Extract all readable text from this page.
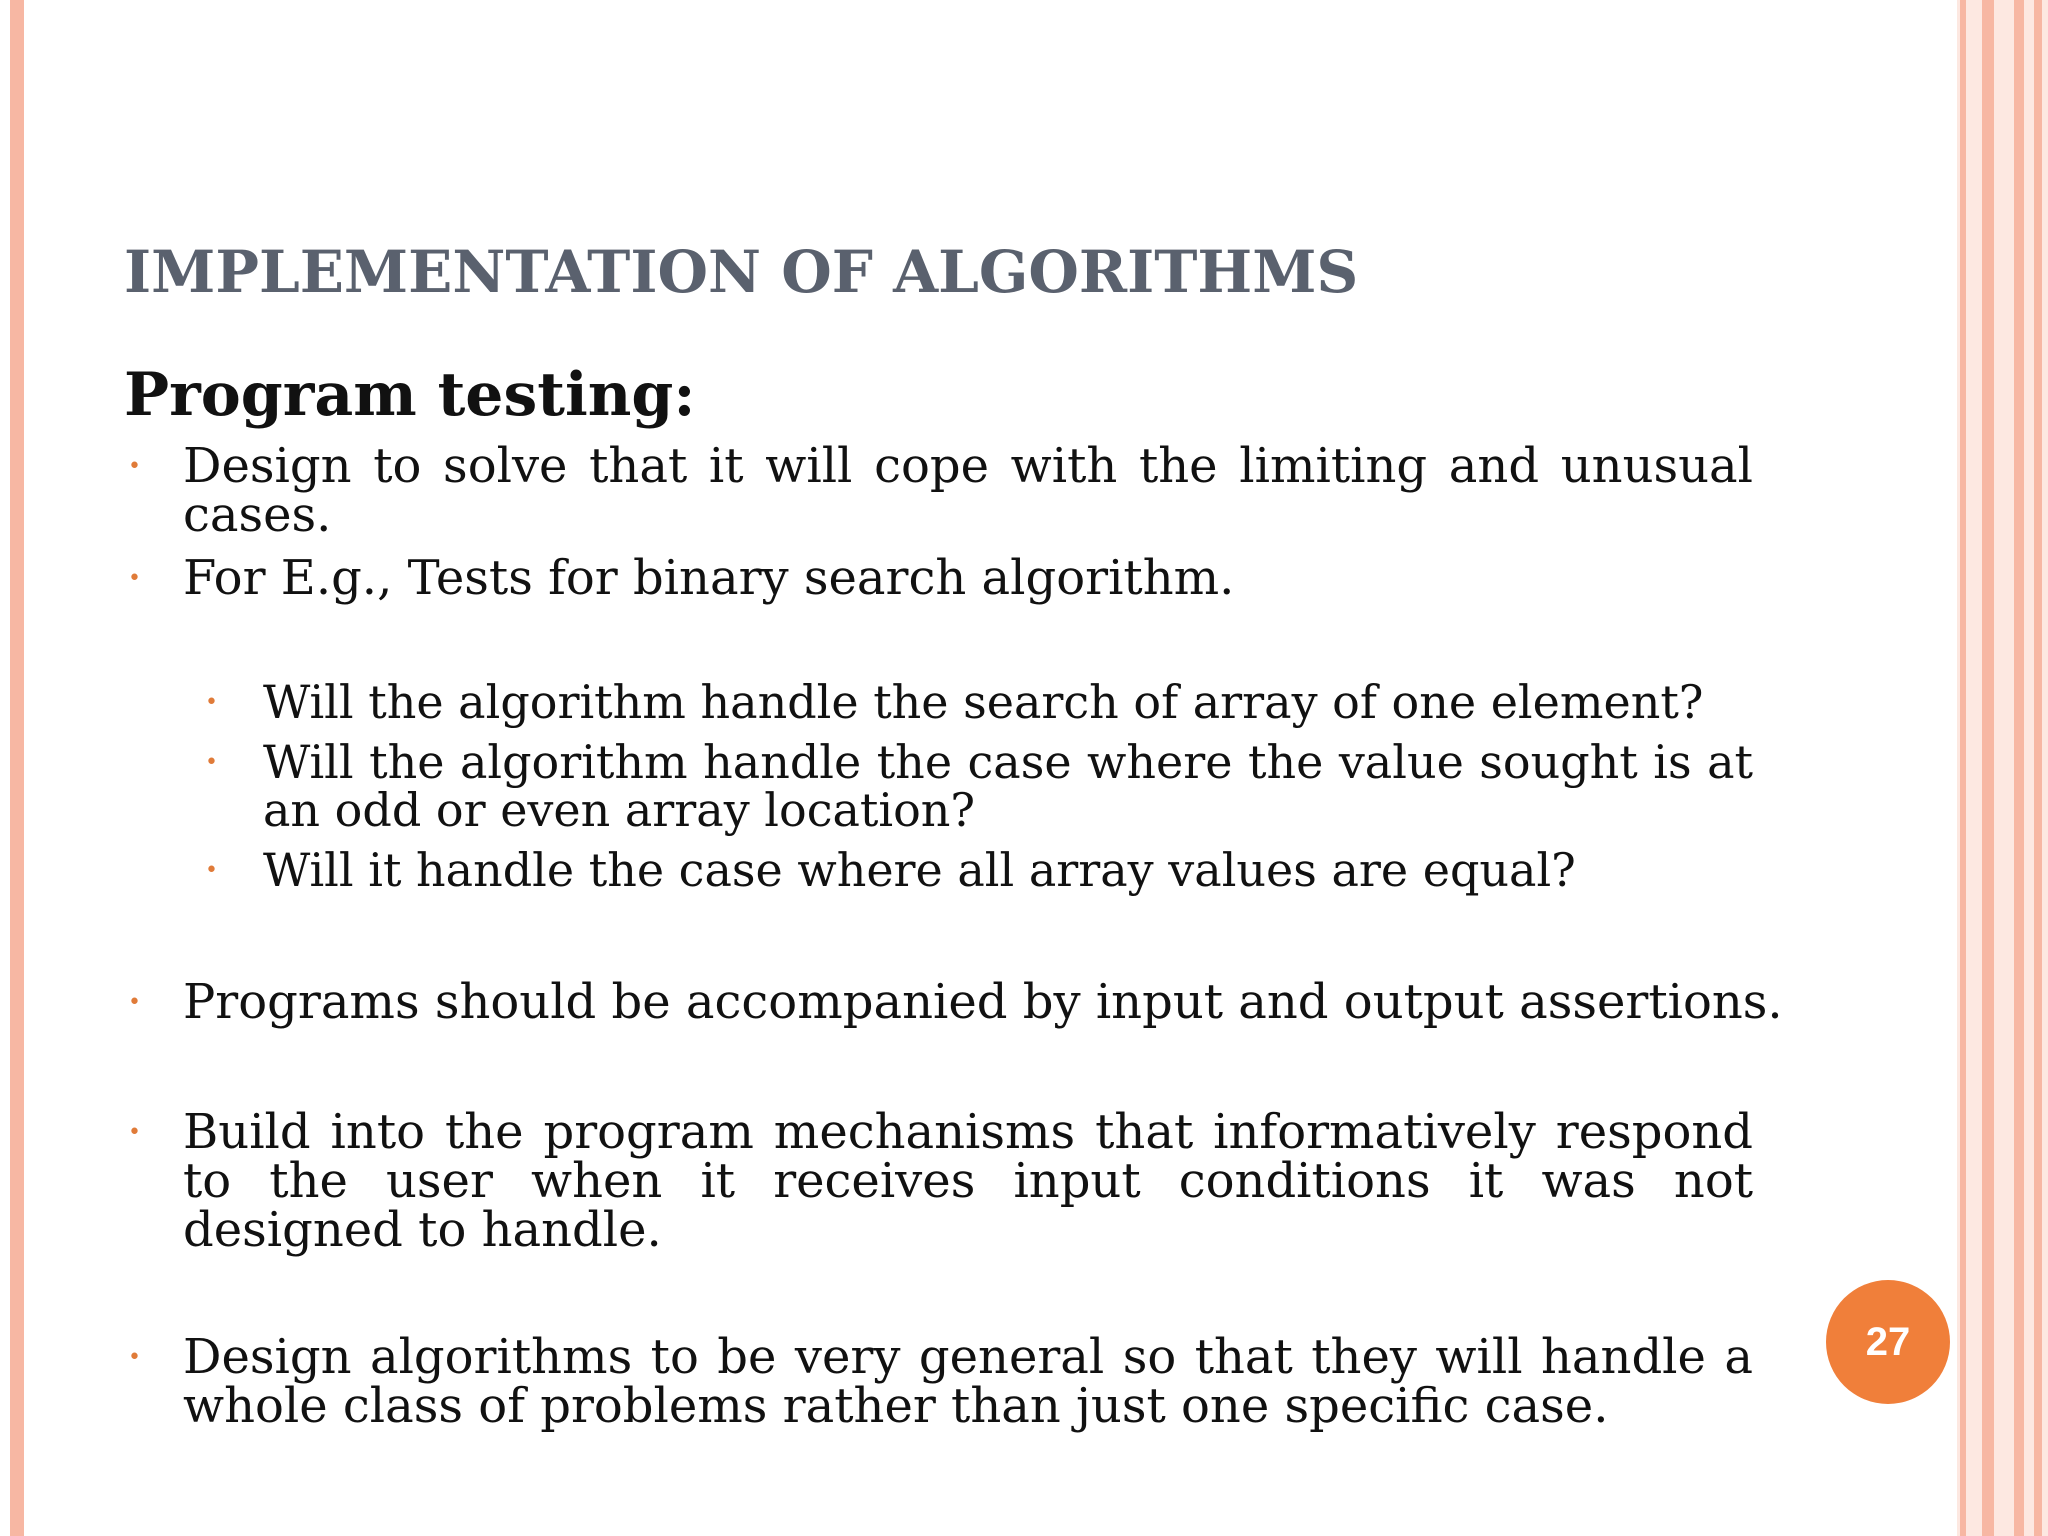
IMPLEMENTATION OF ALGORITHMS
Program testing:
• Design to solve that it will cope with the limiting and unusual cases.
• For E.g., Tests for binary search algorithm.
• Will the algorithm handle the search of array of one element?
• Will the algorithm handle the case where the value sought is at an odd or even array location?
• Will it handle the case where all array values are equal?
• Programs should be accompanied by input and output assertions.
• Build into the program mechanisms that informatively respond to the user when it receives input conditions it was not designed to handle.
• Design algorithms to be very general so that they will handle a whole class of problems rather than just one specific case.
27
